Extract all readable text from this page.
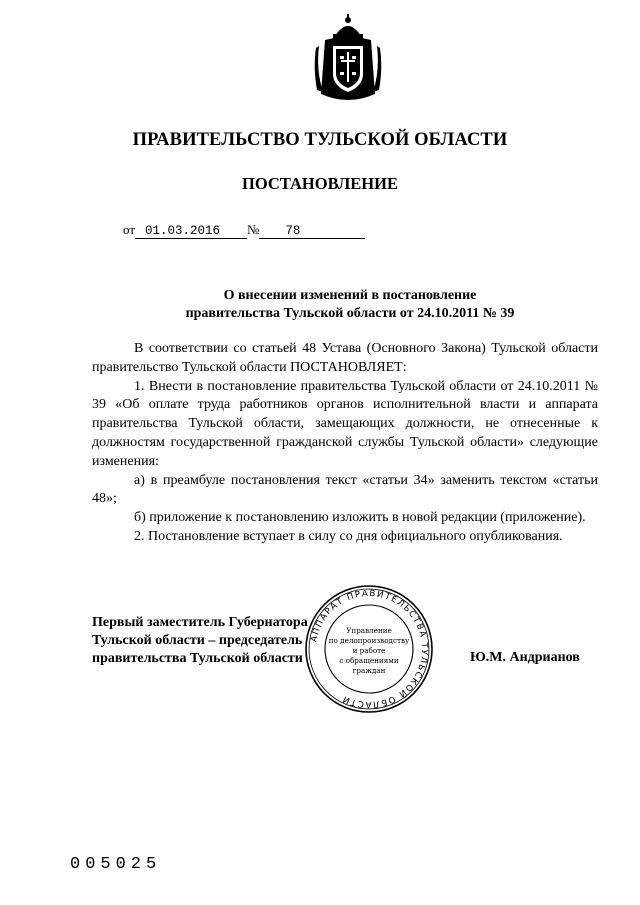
ПРАВИТЕЛЬСТВО ТУЛЬСКОЙ ОБЛАСТИ
ПОСТАНОВЛЕНИЕ
от 01.03.2016 № 78
О внесении изменений в постановление
правительства Тульской области от 24.10.2011 № 39

В соответствии со статьей 48 Устава (Основного Закона) Тульской области правительство Тульской области ПОСТАНОВЛЯЕТ:

1. Внести в постановление правительства Тульской области от 24.10.2011 № 39 «Об оплате труда работников органов исполнительной власти и аппарата правительства Тульской области, замещающих должности, не отнесенные к должностям государственной гражданской службы Тульской области» следующие изменения:

а) в преамбуле постановления текст «статьи 34» заменить текстом «статьи 48»;

б) приложение к постановлению изложить в новой редакции (приложение).

2. Постановление вступает в силу со дня официального опубликования.

Первый заместитель Губернатора
Тульской области – председатель
правительства Тульской области
АППАРАТ ПРАВИТЕЛЬСТВА ТУЛЬСКОЙ ОБЛАСТИ
Управление
по делопроизводству
и работе
с обращениями
граждан
Ю.М. Андрианов
005025
